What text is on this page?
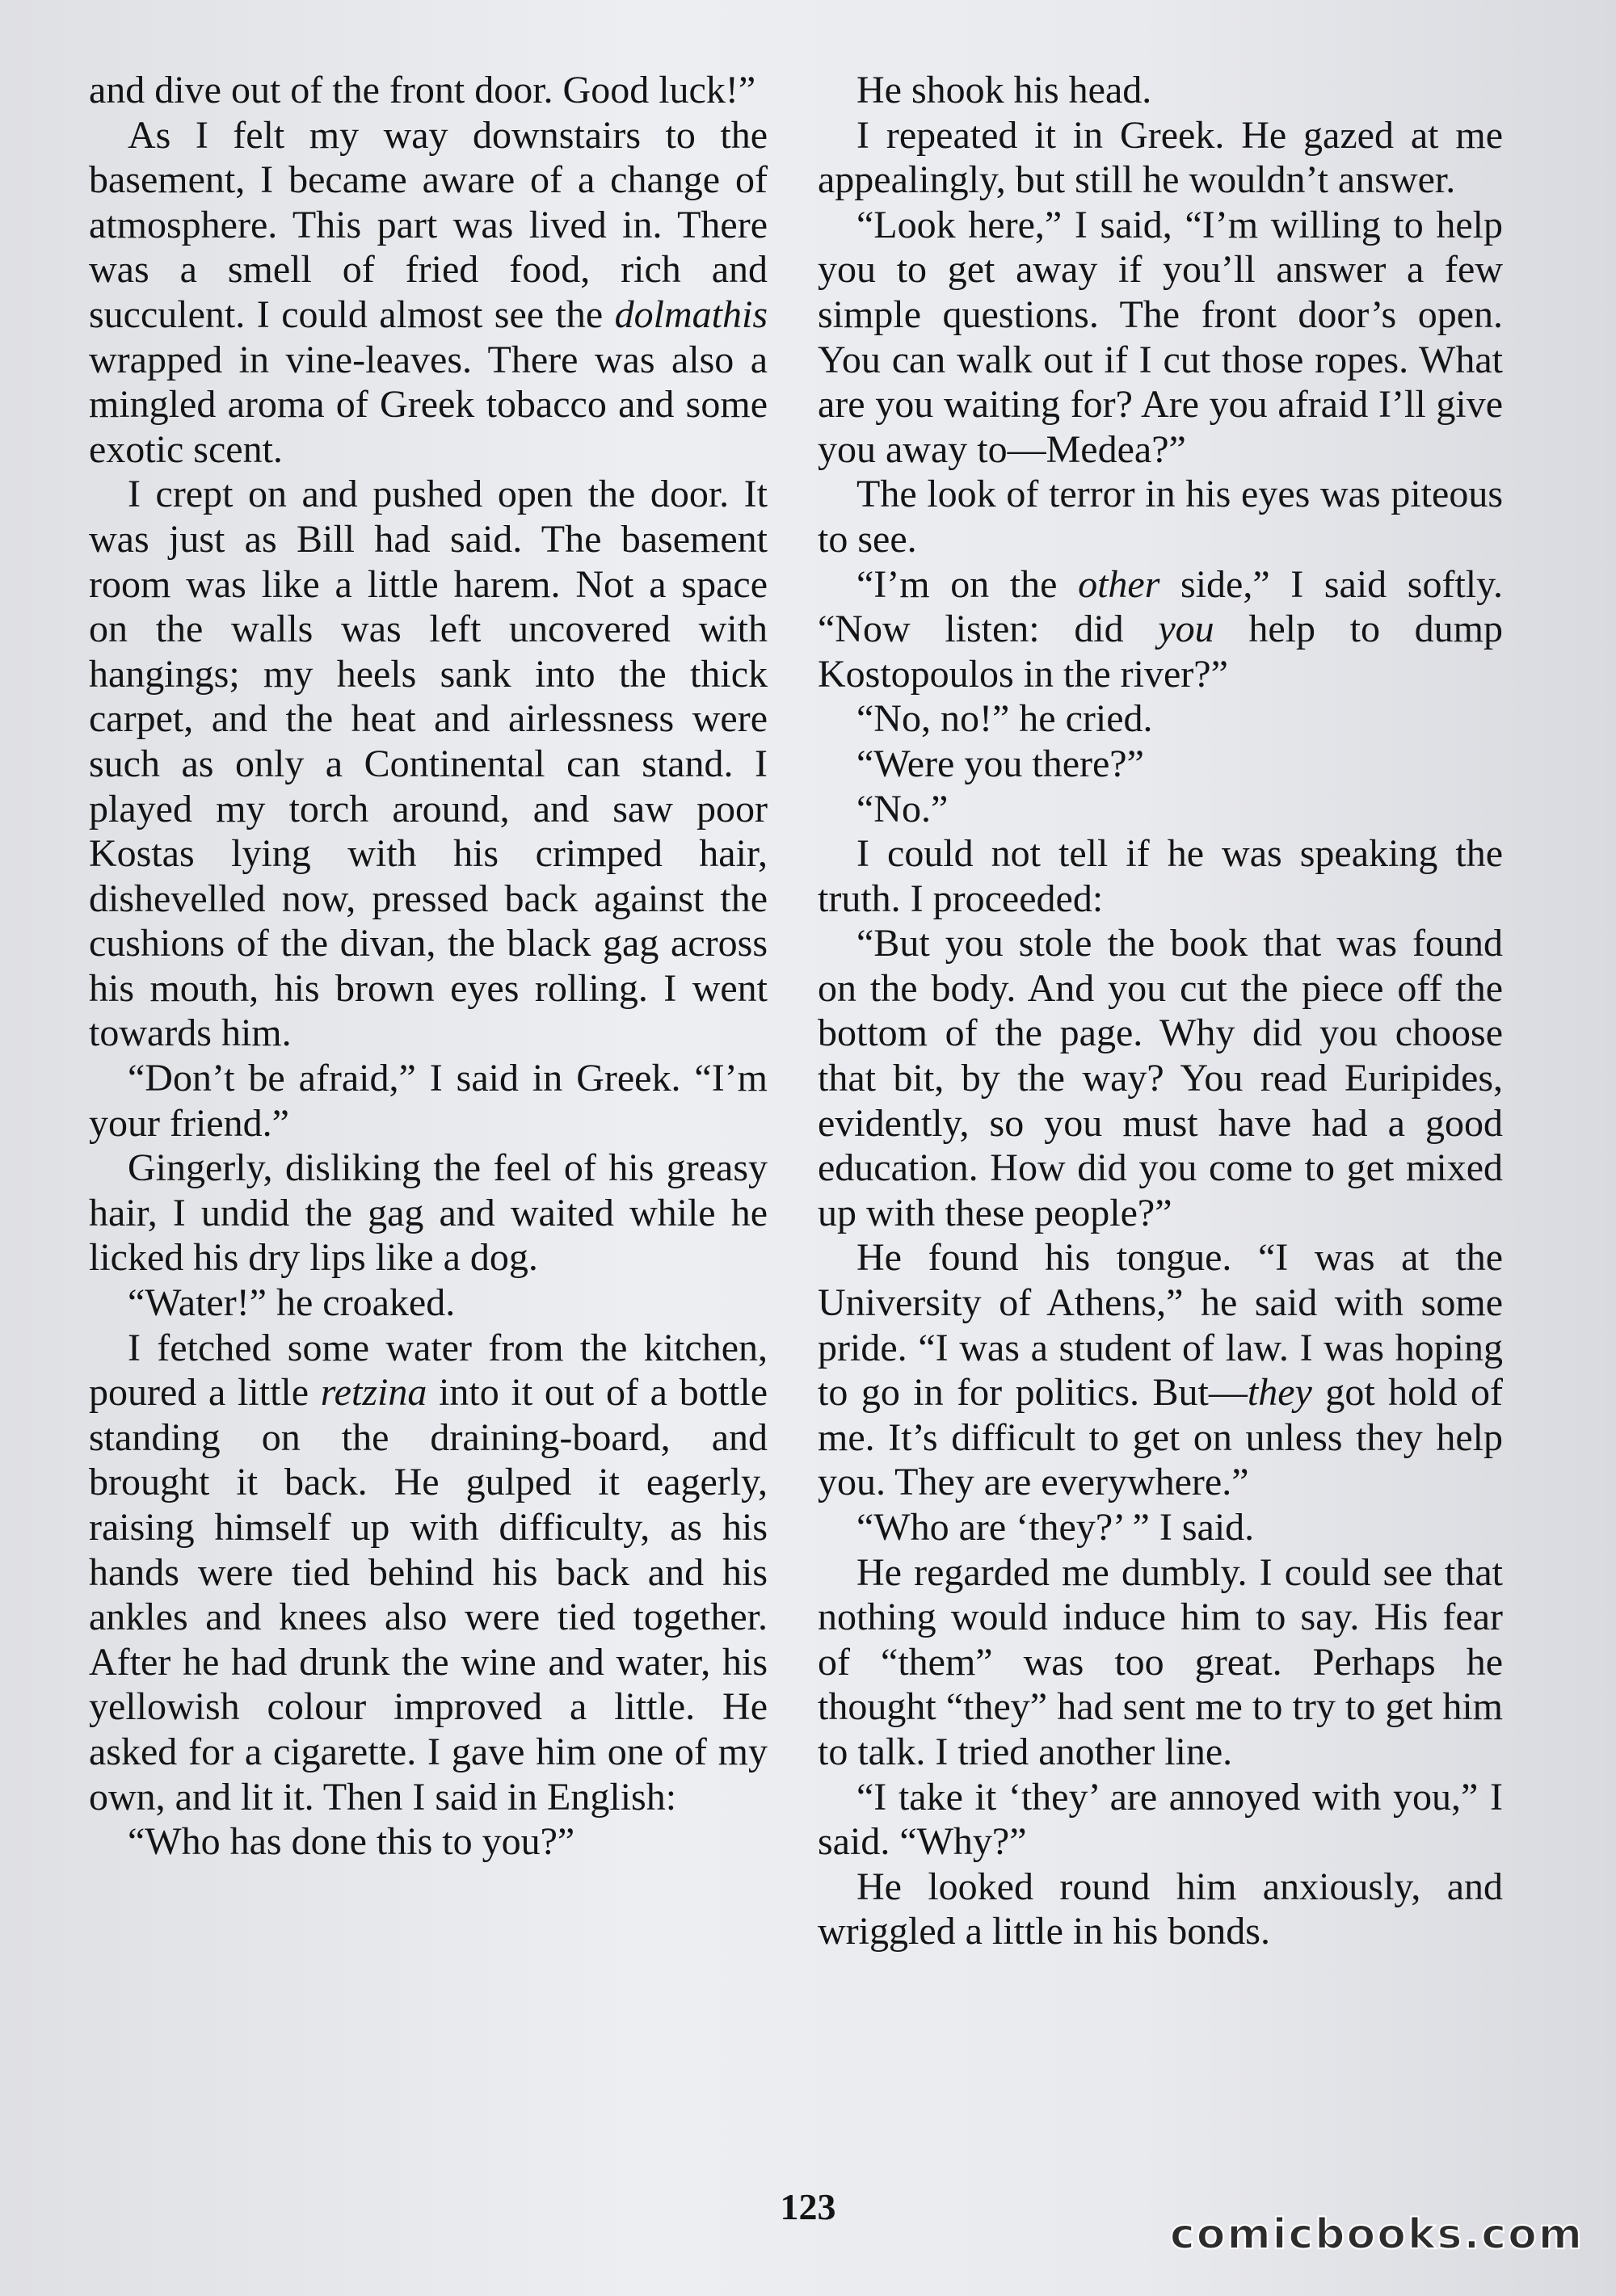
and dive out of the front door. Good luck!”

As I felt my way downstairs to the basement, I became aware of a change of atmosphere. This part was lived in. There was a smell of fried food, rich and succulent. I could almost see the dolmathis wrapped in vine-leaves. There was also a mingled aroma of Greek tobacco and some exotic scent.

I crept on and pushed open the door. It was just as Bill had said. The basement room was like a little harem. Not a space on the walls was left uncovered with hangings; my heels sank into the thick carpet, and the heat and airlessness were such as only a Continental can stand. I played my torch around, and saw poor Kostas lying with his crimped hair, dishevelled now, pressed back against the cushions of the divan, the black gag across his mouth, his brown eyes rolling. I went towards him.

“Don’t be afraid,” I said in Greek. “I’m your friend.”

Gingerly, disliking the feel of his greasy hair, I undid the gag and waited while he licked his dry lips like a dog.

“Water!” he croaked.

I fetched some water from the kitchen, poured a little retzina into it out of a bottle standing on the draining-board, and brought it back. He gulped it eagerly, raising himself up with difficulty, as his hands were tied behind his back and his ankles and knees also were tied together. After he had drunk the wine and water, his yellowish colour improved a little. He asked for a cigarette. I gave him one of my own, and lit it. Then I said in English:

“Who has done this to you?”

He shook his head.

I repeated it in Greek. He gazed at me appealingly, but still he wouldn’t answer.

“Look here,” I said, “I’m willing to help you to get away if you’ll answer a few simple questions. The front door’s open. You can walk out if I cut those ropes. What are you waiting for? Are you afraid I’ll give you away to—Medea?”

The look of terror in his eyes was piteous to see.

“I’m on the other side,” I said softly. “Now listen: did you help to dump Kostopoulos in the river?”

“No, no!” he cried.

“Were you there?”

“No.”

I could not tell if he was speaking the truth. I proceeded:

“But you stole the book that was found on the body. And you cut the piece off the bottom of the page. Why did you choose that bit, by the way? You read Euripides, evidently, so you must have had a good education. How did you come to get mixed up with these people?”

He found his tongue. “I was at the University of Athens,” he said with some pride. “I was a student of law. I was hoping to go in for politics. But—they got hold of me. It’s difficult to get on unless they help you. They are everywhere.”

“Who are ‘they?’ ” I said.

He regarded me dumbly. I could see that nothing would induce him to say. His fear of “them” was too great. Perhaps he thought “they” had sent me to try to get him to talk. I tried another line.

“I take it ‘they’ are annoyed with you,” I said. “Why?”

He looked round him anxiously, and wriggled a little in his bonds.

123
comicbooks.com
